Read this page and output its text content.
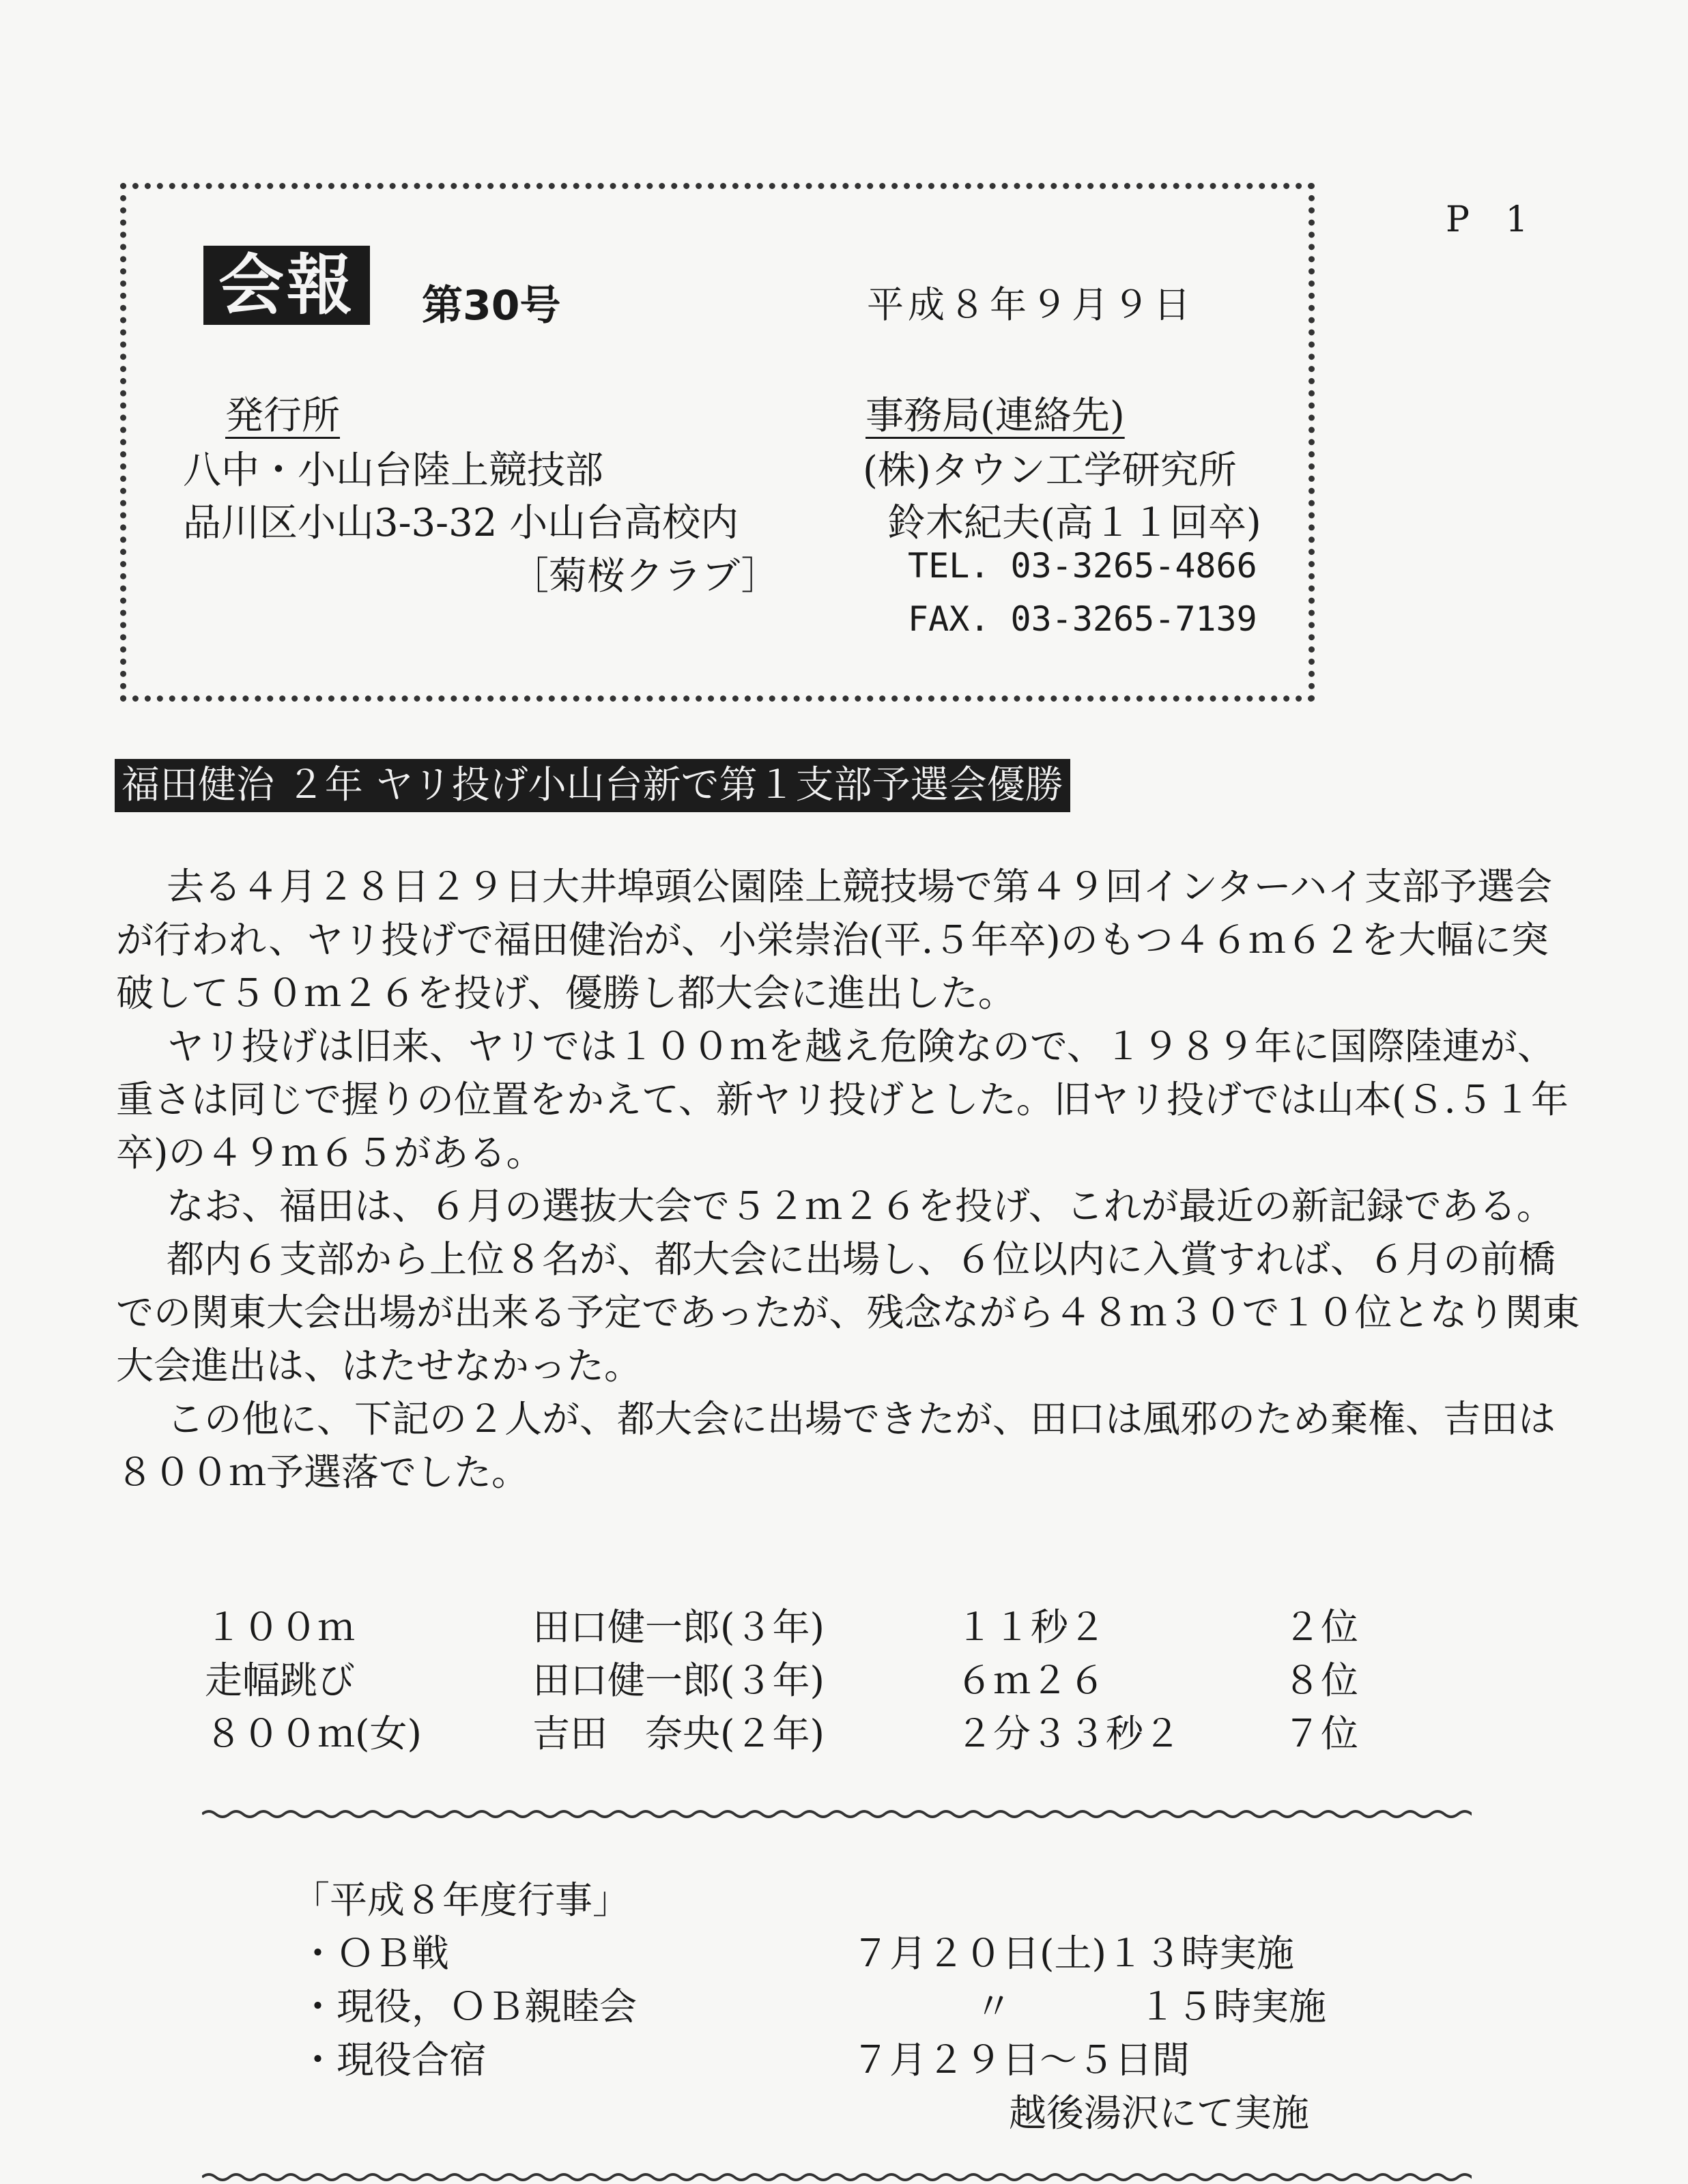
P 1
会報	第30号	平成８年９月９日
発行所
八中・小山台陸上競技部
品川区小山3-3-32 小山台高校内
［菊桜クラブ］
事務局(連絡先)
(株)タウン工学研究所
鈴木紀夫(高１１回卒)
TEL. 03-3265-4866
FAX. 03-3265-7139
福田健治 ２年 ヤリ投げ小山台新で第１支部予選会優勝

去る４月２８日２９日大井埠頭公園陸上競技場で第４９回インターハイ支部予選会が行われ、ヤリ投げで福田健治が、小栄崇治(平.５年卒)のもつ４６ｍ６２を大幅に突破して５０ｍ２６を投げ、優勝し都大会に進出した。

ヤリ投げは旧来、ヤリでは１００ｍを越え危険なので、１９８９年に国際陸連が、重さは同じで握りの位置をかえて、新ヤリ投げとした。旧ヤリ投げでは山本(Ｓ.５１年卒)の４９ｍ６５がある。

なお、福田は、６月の選抜大会で５２ｍ２６を投げ、これが最近の新記録である。

都内６支部から上位８名が、都大会に出場し、６位以内に入賞すれば、６月の前橋での関東大会出場が出来る予定であったが、残念ながら４８ｍ３０で１０位となり関東大会進出は、はたせなかった。

この他に、下記の２人が、都大会に出場できたが、田口は風邪のため棄権、吉田は８００ｍ予選落でした。

１００ｍ	田口健一郎(３年)	１１秒２	２位
走幅跳び	田口健一郎(３年)	６ｍ２６	８位
８００ｍ(女)	吉田　奈央(２年)	２分３３秒２	７位
「平成８年度行事」
・ＯＢ戦	７月２０日(土)１３時実施
・現役，ＯＢ親睦会	〃	１５時実施
・現役合宿	７月２９日～５日間
越後湯沢にて実施
